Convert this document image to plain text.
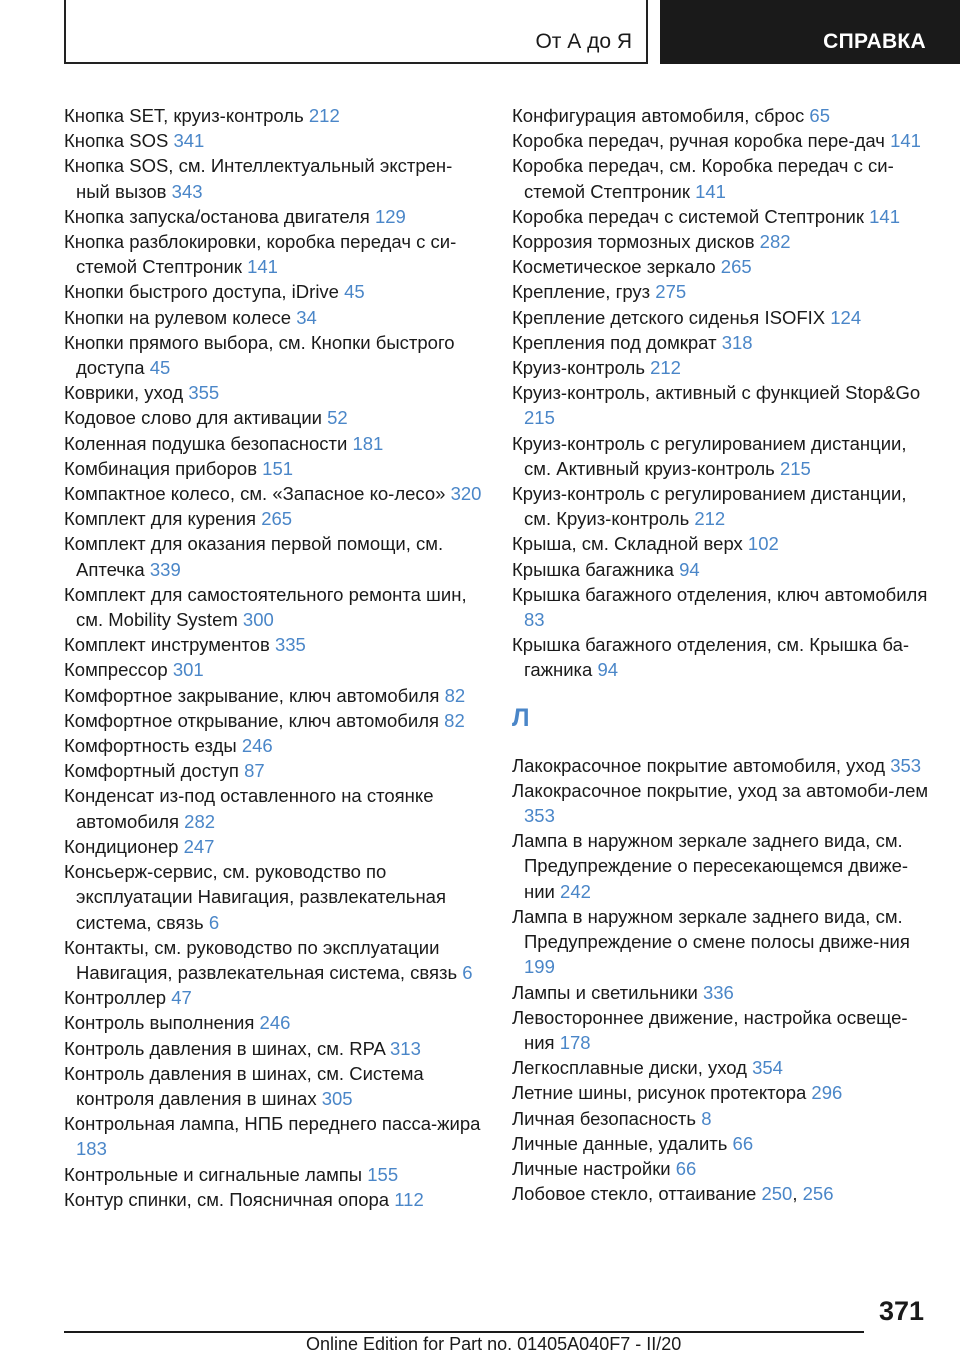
От А до Я	СПРАВКА
Кнопка SET, круиз-контроль 212
Кнопка SOS 341
Кнопка SOS, см. Интеллектуальный экстрен‐ный вызов 343
Кнопка запуска/останова двигателя 129
Кнопка разблокировки, коробка передач с си‐стемой Стептроник 141
Кнопки быстрого доступа, iDrive 45
Кнопки на рулевом колесе 34
Кнопки прямого выбора, см. Кнопки быстрого доступа 45
Коврики, уход 355
Кодовое слово для активации 52
Коленная подушка безопасности 181
Комбинация приборов 151
Компактное колесо, см. «Запасное ко‐лесо» 320
Комплект для курения 265
Комплект для оказания первой помощи, см. Аптечка 339
Комплект для самостоятельного ремонта шин, см. Mobility System 300
Комплект инструментов 335
Компрессор 301
Комфортное закрывание, ключ автомобиля 82
Комфортное открывание, ключ автомобиля 82
Комфортность езды 246
Комфортный доступ 87
Конденсат из-под оставленного на стоянке автомобиля 282
Кондиционер 247
Консьерж-сервис, см. руководство по эксплуатации Навигация, развлекательная система, связь 6
Контакты, см. руководство по эксплуатации Навигация, развлекательная система, связь 6
Контроллер 47
Контроль выполнения 246
Контроль давления в шинах, см. RPA 313
Контроль давления в шинах, см. Система контроля давления в шинах 305
Контрольная лампа, НПБ переднего пасса‐жира 183
Контрольные и сигнальные лампы 155
Контур спинки, см. Поясничная опора 112
Конфигурация автомобиля, сброс 65
Коробка передач, ручная коробка пере‐дач 141
Коробка передач, см. Коробка передач с си‐стемой Стептроник 141
Коробка передач с системой Стептроник 141
Коррозия тормозных дисков 282
Косметическое зеркало 265
Крепление, груз 275
Крепление детского сиденья ISOFIX 124
Крепления под домкрат 318
Круиз-контроль 212
Круиз-контроль, активный с функцией Stop&Go 215
Круиз-контроль с регулированием дистанции, см. Активный круиз-контроль 215
Круиз-контроль с регулированием дистанции, см. Круиз-контроль 212
Крыша, см. Складной верх 102
Крышка багажника 94
Крышка багажного отделения, ключ автомобиля 83
Крышка багажного отделения, см. Крышка ба‐гажника 94
Л
Лакокрасочное покрытие автомобиля, уход 353
Лакокрасочное покрытие, уход за автомоби‐лем 353
Лампа в наружном зеркале заднего вида, см. Предупреждение о пересекающемся движе‐нии 242
Лампа в наружном зеркале заднего вида, см. Предупреждение о смене полосы движе‐ния 199
Лампы и светильники 336
Левостороннее движение, настройка освеще‐ния 178
Легкосплавные диски, уход 354
Летние шины, рисунок протектора 296
Личная безопасность 8
Личные данные, удалить 66
Личные настройки 66
Лобовое стекло, оттаивание 250, 256
371
Online Edition for Part no. 01405A040F7 - II/20
